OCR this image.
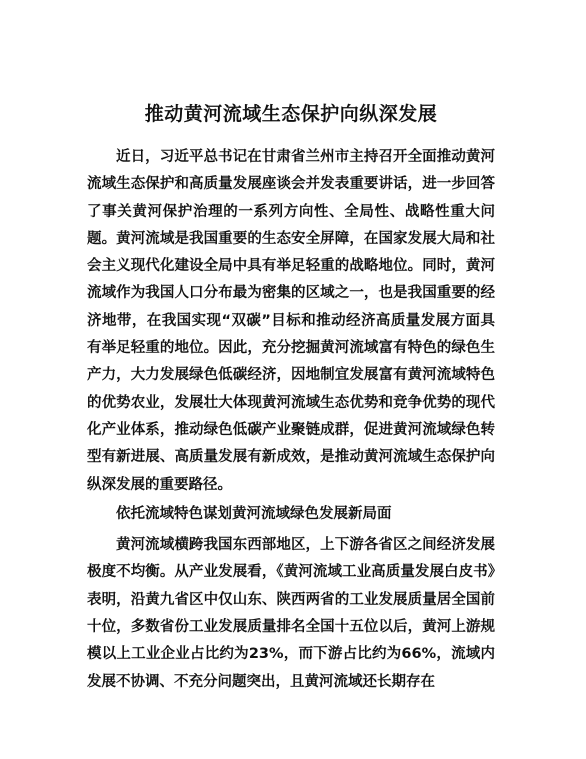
推动黄河流域生态保护向纵深发展

近日，习近平总书记在甘肃省兰州市主持召开全面推动黄河流域生态保护和高质量发展座谈会并发表重要讲话，进一步回答了事关黄河保护治理的一系列方向性、全局性、战略性重大问题。黄河流域是我国重要的生态安全屏障，在国家发展大局和社会主义现代化建设全局中具有举足轻重的战略地位。同时，黄河流域作为我国人口分布最为密集的区域之一，也是我国重要的经济地带，在我国实现“双碳”目标和推动经济高质量发展方面具有举足轻重的地位。因此，充分挖掘黄河流域富有特色的绿色生产力，大力发展绿色低碳经济，因地制宜发展富有黄河流域特色的优势农业，发展壮大体现黄河流域生态优势和竞争优势的现代化产业体系，推动绿色低碳产业聚链成群，促进黄河流域绿色转型有新进展、高质量发展有新成效，是推动黄河流域生态保护向纵深发展的重要路径。

依托流域特色谋划黄河流域绿色发展新局面

黄河流域横跨我国东西部地区，上下游各省区之间经济发展极度不均衡。从产业发展看，《黄河流域工业高质量发展白皮书》表明，沿黄九省区中仅山东、陕西两省的工业发展质量居全国前十位，多数省份工业发展质量排名全国十五位以后，黄河上游规模以上工业企业占比约为23%，而下游占比约为66%，流域内发展不协调、不充分问题突出，且黄河流域还长期存在
